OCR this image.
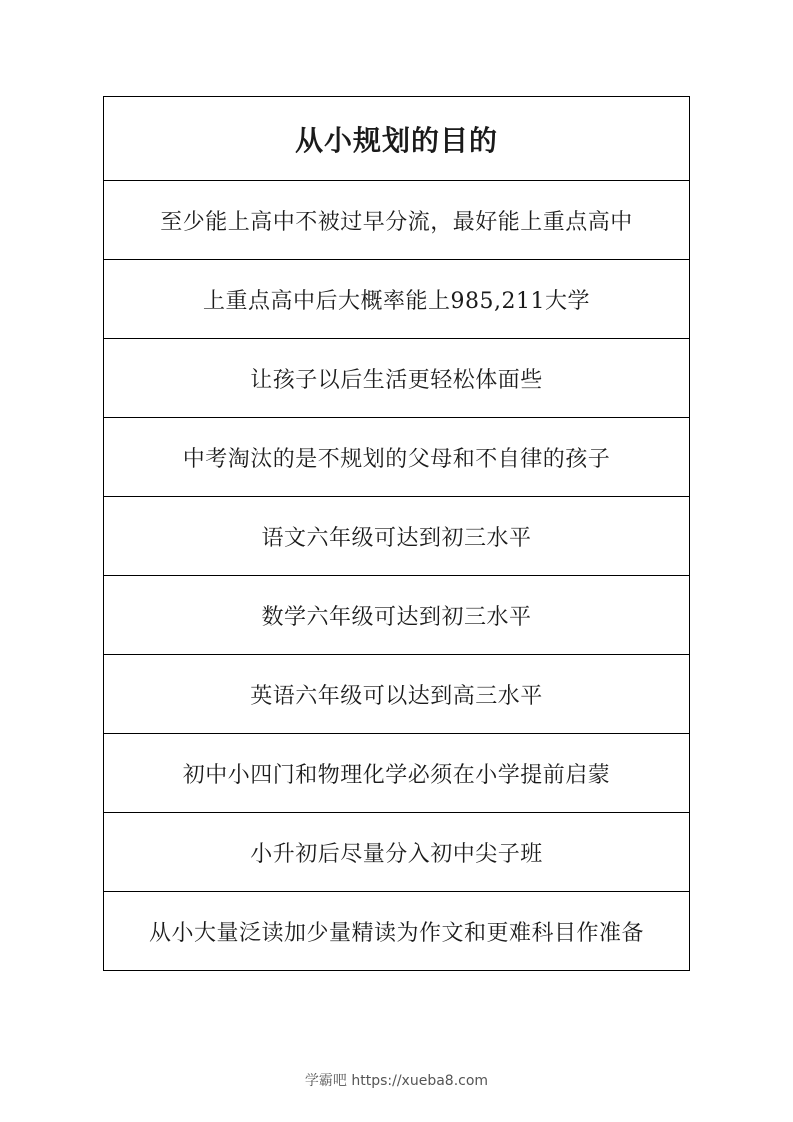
从小规划的目的
至少能上高中不被过早分流，最好能上重点高中
上重点高中后大概率能上985,211大学
让孩子以后生活更轻松体面些
中考淘汰的是不规划的父母和不自律的孩子
语文六年级可达到初三水平
数学六年级可达到初三水平
英语六年级可以达到高三水平
初中小四门和物理化学必须在小学提前启蒙
小升初后尽量分入初中尖子班
从小大量泛读加少量精读为作文和更难科目作准备
学霸吧 https://xueba8.com
